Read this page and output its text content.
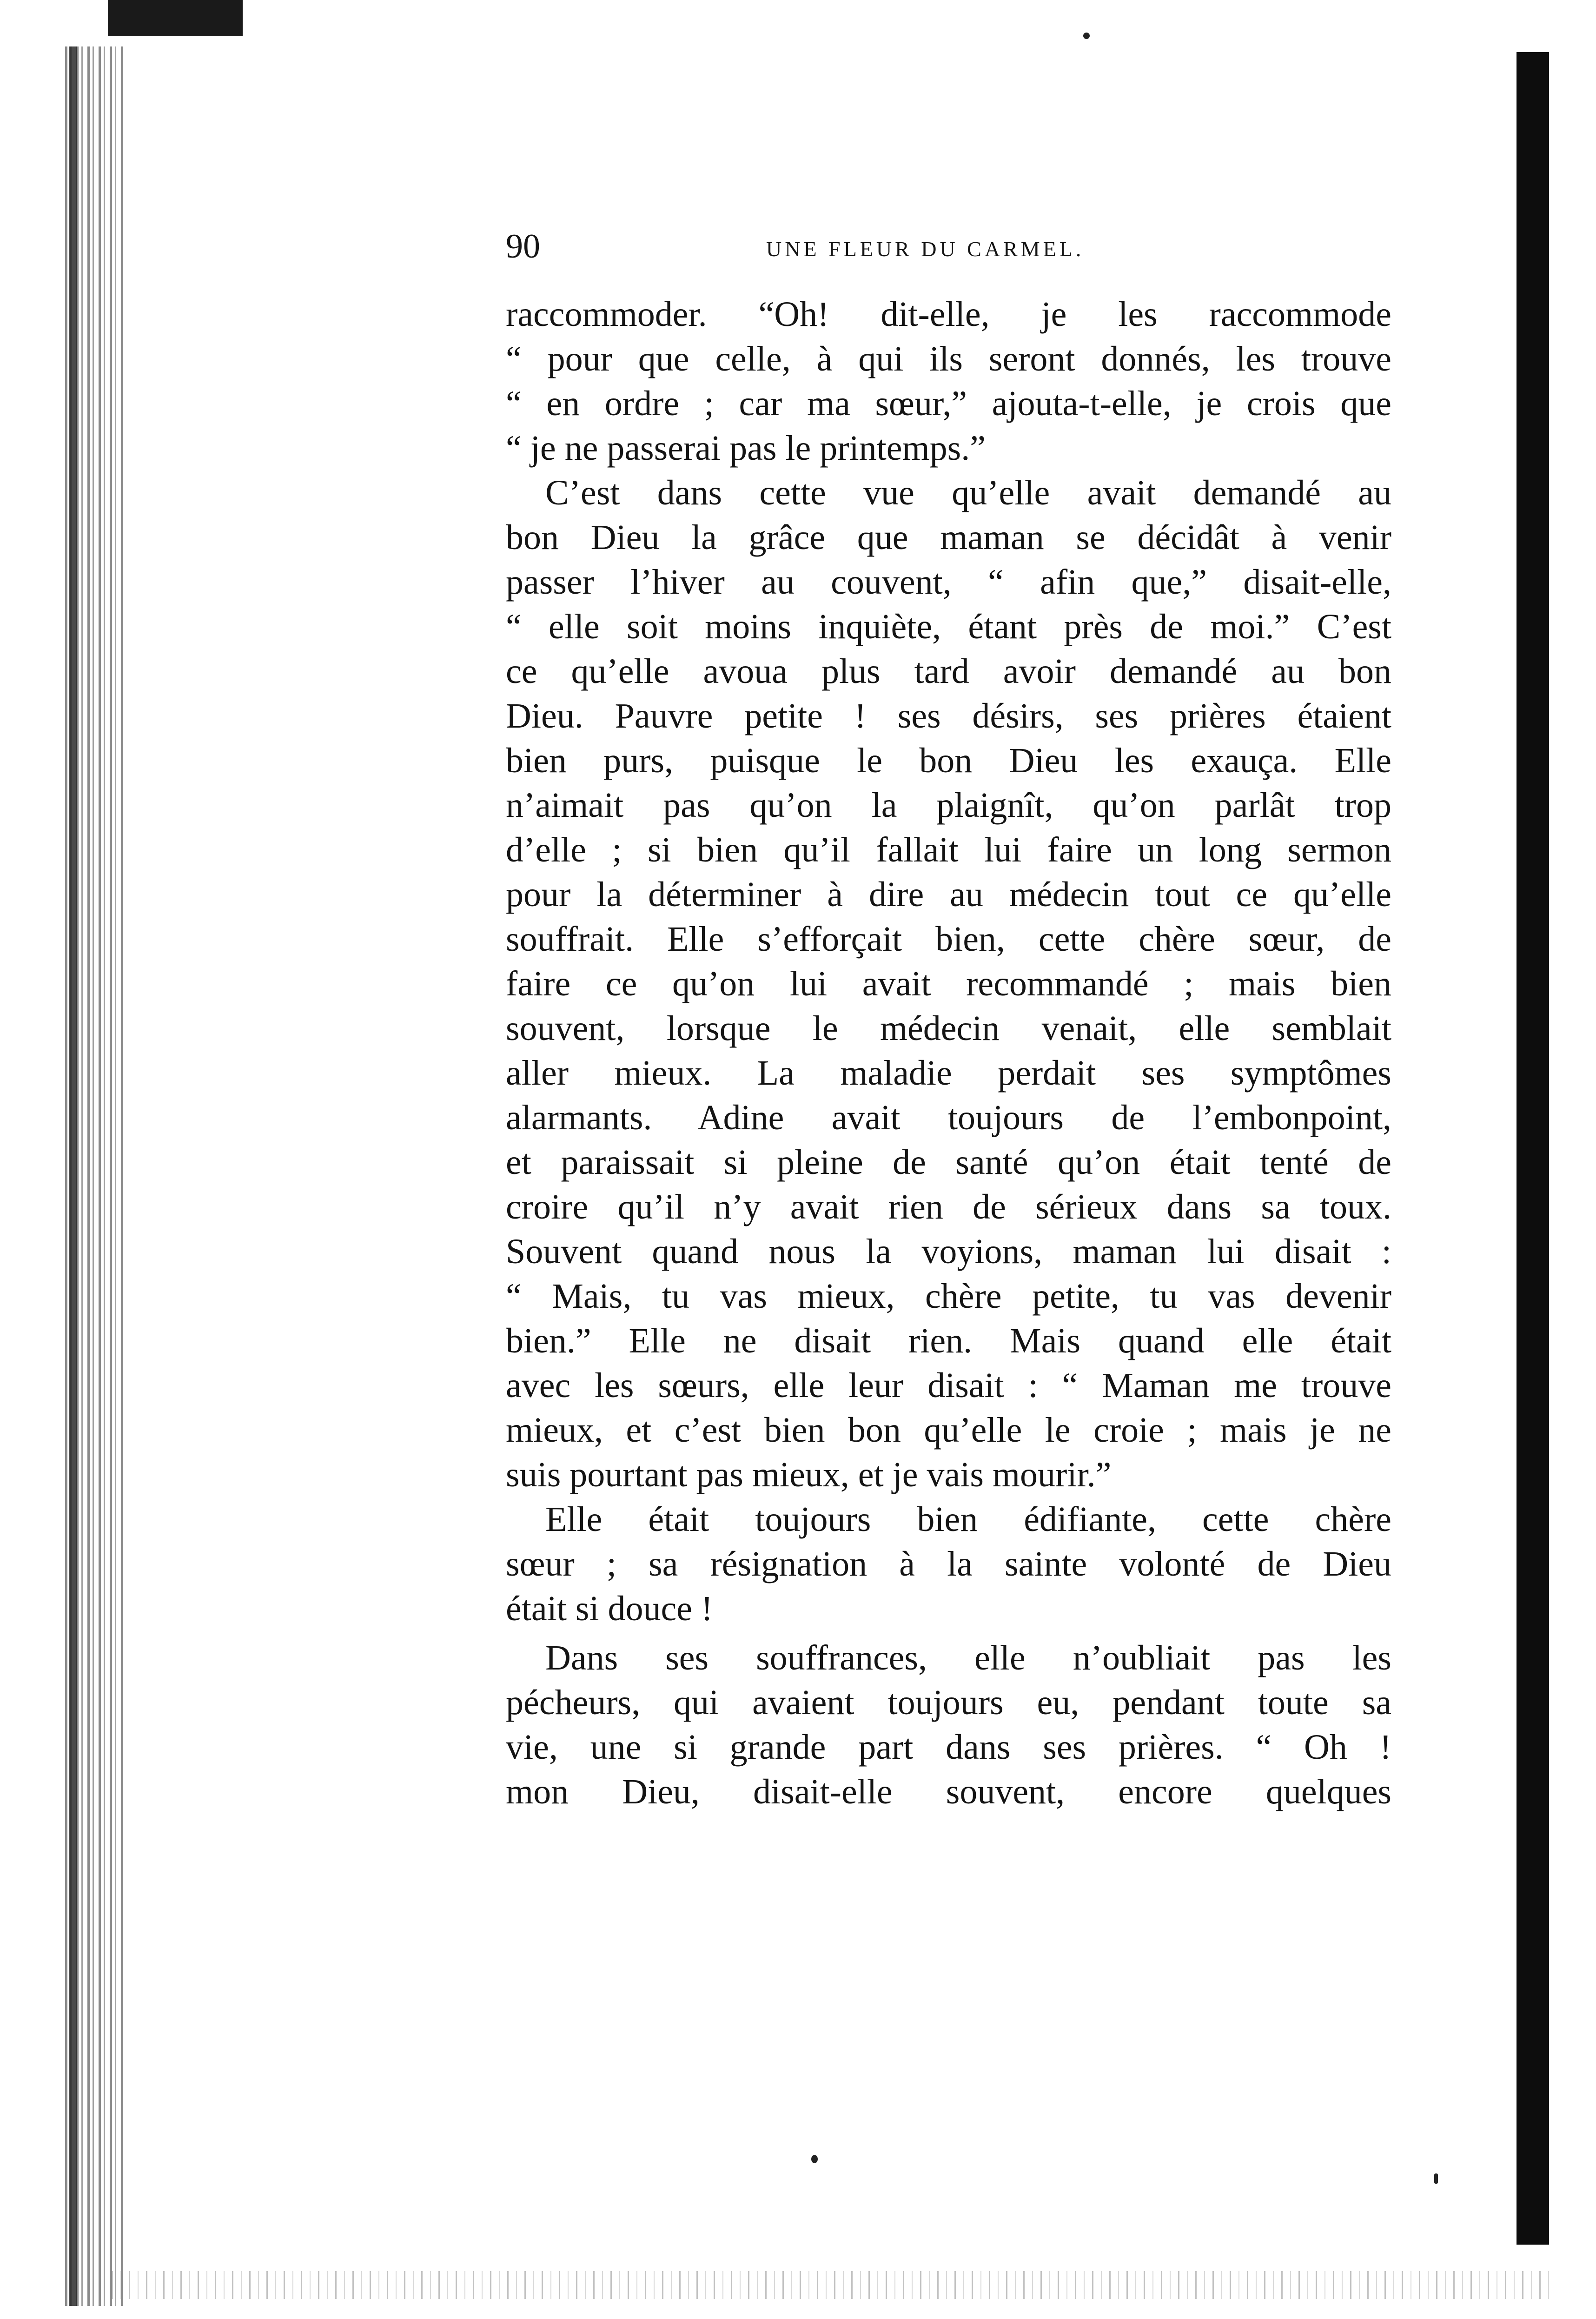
90	UNE FLEUR DU CARMEL.
raccommoder. “Oh! dit-elle, je les raccommode
“ pour que celle, à qui ils seront donnés, les trouve
“ en ordre ; car ma sœur,” ajouta-t-elle, je crois que
“ je ne passerai pas le printemps.”
C’est dans cette vue qu’elle avait demandé au
bon Dieu la grâce que maman se décidât à venir
passer l’hiver au couvent, “ afin que,” disait-elle,
“ elle soit moins inquiète, étant près de moi.” C’est
ce qu’elle avoua plus tard avoir demandé au bon
Dieu. Pauvre petite ! ses désirs, ses prières étaient
bien purs, puisque le bon Dieu les exauça. Elle
n’aimait pas qu’on la plaignît, qu’on parlât trop
d’elle ; si bien qu’il fallait lui faire un long sermon
pour la déterminer à dire au médecin tout ce qu’elle
souffrait. Elle s’efforçait bien, cette chère sœur, de
faire ce qu’on lui avait recommandé ; mais bien
souvent, lorsque le médecin venait, elle semblait
aller mieux. La maladie perdait ses symptômes
alarmants. Adine avait toujours de l’embonpoint,
et paraissait si pleine de santé qu’on était tenté de
croire qu’il n’y avait rien de sérieux dans sa toux.
Souvent quand nous la voyions, maman lui disait :
“ Mais, tu vas mieux, chère petite, tu vas devenir
bien.” Elle ne disait rien. Mais quand elle était
avec les sœurs, elle leur disait : “ Maman me trouve
mieux, et c’est bien bon qu’elle le croie ; mais je ne
suis pourtant pas mieux, et je vais mourir.”
Elle était toujours bien édifiante, cette chère
sœur ; sa résignation à la sainte volonté de Dieu
était si douce !
Dans ses souffrances, elle n’oubliait pas les
pécheurs, qui avaient toujours eu, pendant toute sa
vie, une si grande part dans ses prières. “ Oh !
mon Dieu, disait-elle souvent, encore quelques
